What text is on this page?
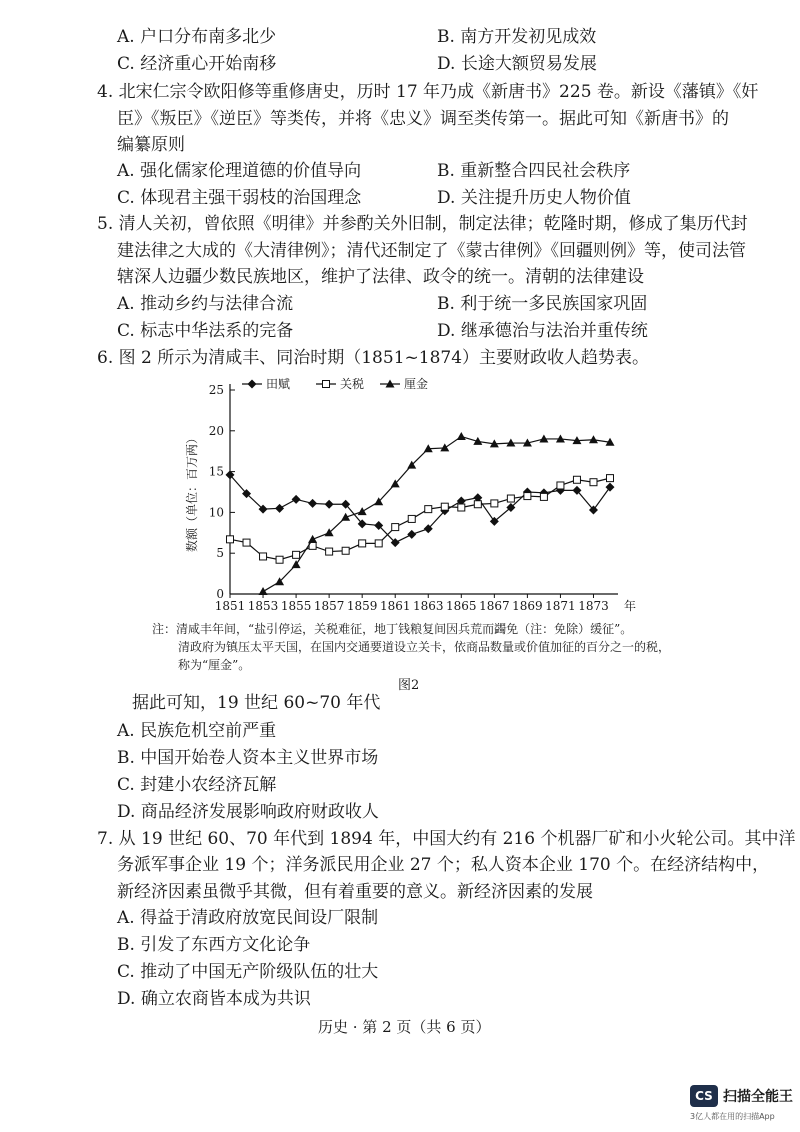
A. 户口分布南多北少	B. 南方开发初见成效
C. 经济重心开始南移	D. 长途大额贸易发展
4. 北宋仁宗令欧阳修等重修唐史，历时 17 年乃成《新唐书》225 卷。新设《藩镇》《奸
臣》《叛臣》《逆臣》等类传，并将《忠义》调至类传第一。据此可知《新唐书》的
编纂原则
A. 强化儒家伦理道德的价值导向	B. 重新整合四民社会秩序
C. 体现君主强干弱枝的治国理念	D. 关注提升历史人物价值
5. 清人关初，曾依照《明律》并参酌关外旧制，制定法律；乾隆时期，修成了集历代封
建法律之大成的《大清律例》；清代还制定了《蒙古律例》《回疆则例》等，使司法管
辖深人边疆少数民族地区，维护了法律、政令的统一。清朝的法律建设
A. 推动乡约与法律合流	B. 利于统一多民族国家巩固
C. 标志中华法系的完备	D. 继承德治与法治并重传统
6. 图 2 所示为清咸丰、同治时期（1851~1874）主要财政收人趋势表。
0
5
10
15
20
25
1851 1853 1855 1857 1859 1861 1863 1865 1867 1869 1871 1873 年
数额（单位：百万两）
田赋	关税	厘金
注：清咸丰年间，“盐引停运，关税难征，地丁钱粮复间因兵荒而蠲免（注：免除）缓征”。
清政府为镇压太平天国，在国内交通要道设立关卡，依商品数量或价值加征的百分之一的税，
称为“厘金”。
图2
据此可知，19 世纪 60~70 年代
A. 民族危机空前严重
B. 中国开始卷人资本主义世界市场
C. 封建小农经济瓦解
D. 商品经济发展影响政府财政收人
7. 从 19 世纪 60、70 年代到 1894 年，中国大约有 216 个机器厂矿和小火轮公司。其中洋
务派军事企业 19 个；洋务派民用企业 27 个；私人资本企业 170 个。在经济结构中，
新经济因素虽微乎其微，但有着重要的意义。新经济因素的发展
A. 得益于清政府放宽民间设厂限制
B. 引发了东西方文化论争
C. 推动了中国无产阶级队伍的壮大
D. 确立农商皆本成为共识
历史 · 第 2 页（共 6 页）
CS 扫描全能王
3亿人都在用的扫描App
